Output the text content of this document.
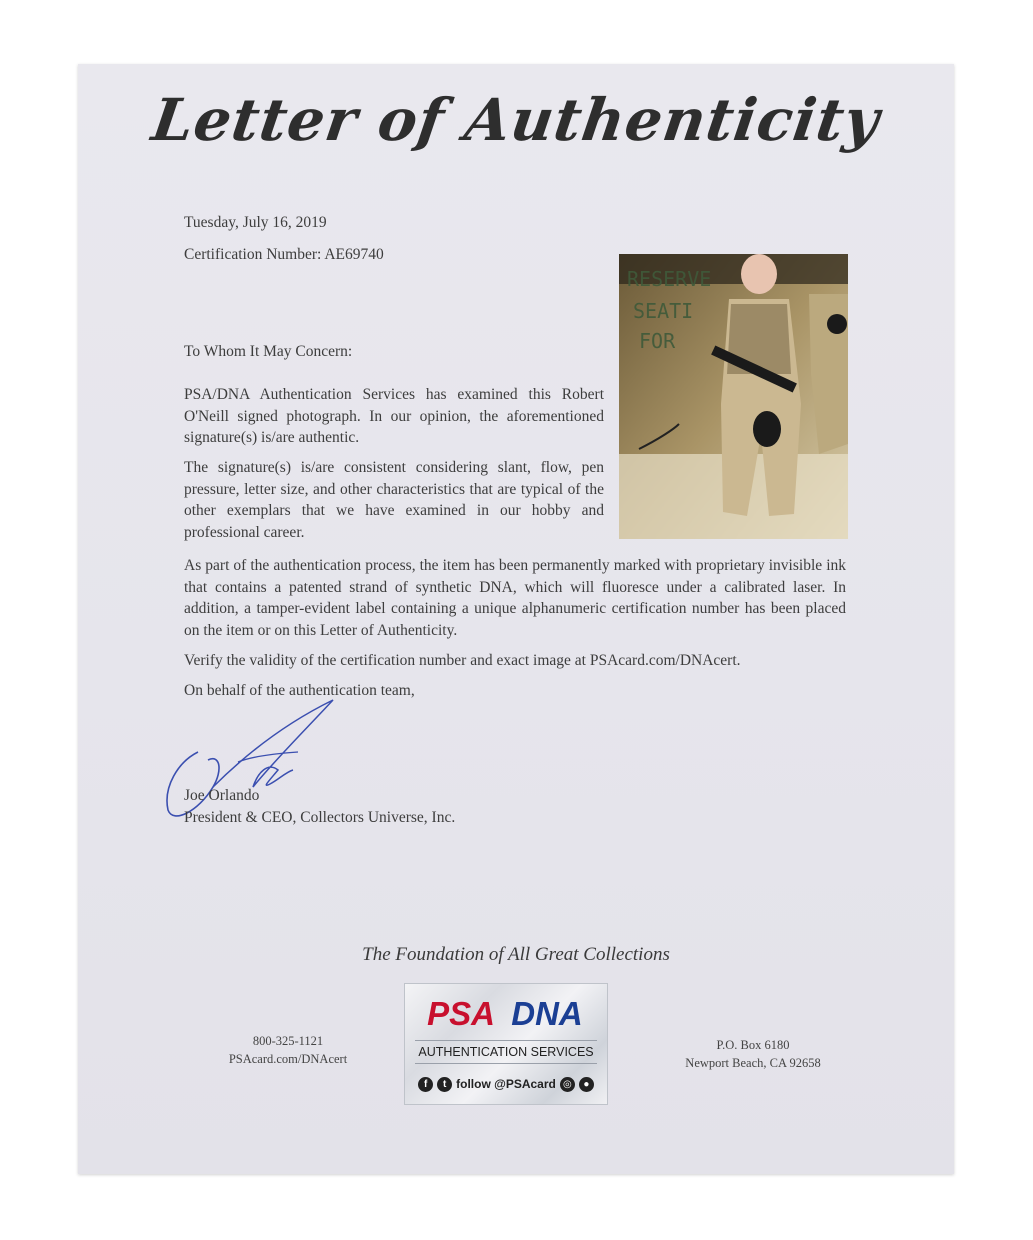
Letter of Authenticity
Tuesday, July 16, 2019
Certification Number: AE69740
To Whom It May Concern:
PSA/DNA Authentication Services has examined this Robert O'Neill signed photograph. In our opinion, the aforementioned signature(s) is/are authentic.
The signature(s) is/are consistent considering slant, flow, pen pressure, letter size, and other characteristics that are typical of the other exemplars that we have examined in our hobby and professional career.
As part of the authentication process, the item has been permanently marked with proprietary invisible ink that contains a patented strand of synthetic DNA, which will fluoresce under a calibrated laser. In addition, a tamper-evident label containing a unique alphanumeric certification number has been placed on the item or on this Letter of Authenticity.
Verify the validity of the certification number and exact image at PSAcard.com/DNAcert.
On behalf of the authentication team,
Joe Orlando
President & CEO, Collectors Universe, Inc.
RESERVE
SEATI
FOR
The Foundation of All Great Collections
800-325-1121
PSAcard.com/DNAcert
P.O. Box 6180
Newport Beach, CA 92658
PSA DNA
AUTHENTICATION SERVICES
f	t follow @PSAcard ◎	●
